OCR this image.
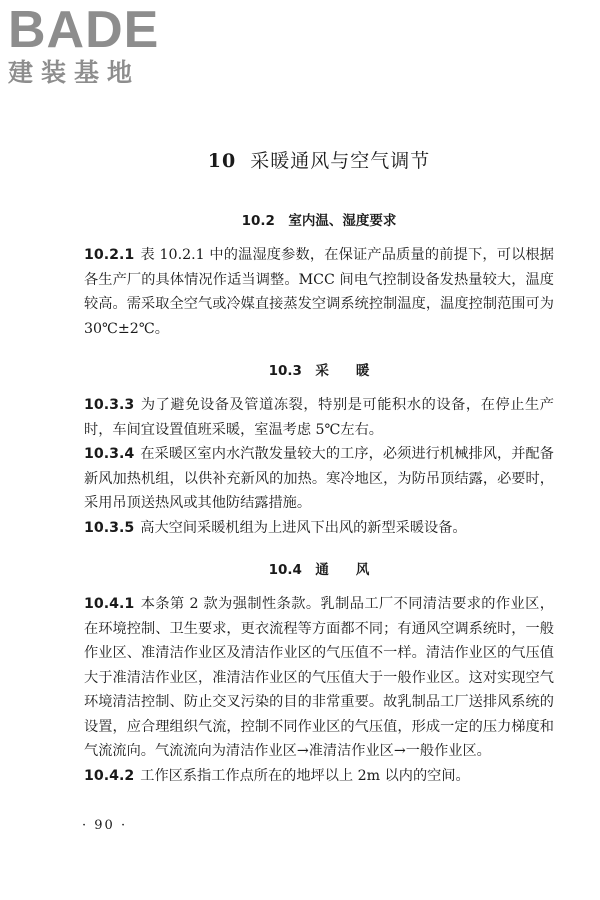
BADE
建装基地
10 采暖通风与空气调节
10.2　室内温、湿度要求

10.2.1 表 10.2.1 中的温湿度参数，在保证产品质量的前提下，可以根据各生产厂的具体情况作适当调整。MCC 间电气控制设备发热量较大，温度较高。需采取全空气或冷媒直接蒸发空调系统控制温度，温度控制范围可为 30℃±2℃。

10.3　采　　暖

10.3.3 为了避免设备及管道冻裂，特别是可能积水的设备，在停止生产时，车间宜设置值班采暖，室温考虑 5℃左右。

10.3.4 在采暖区室内水汽散发量较大的工序，必须进行机械排风，并配备新风加热机组，以供补充新风的加热。寒冷地区，为防吊顶结露，必要时，采用吊顶送热风或其他防结露措施。

10.3.5 高大空间采暖机组为上进风下出风的新型采暖设备。

10.4　通　　风

10.4.1 本条第 2 款为强制性条款。乳制品工厂不同清洁要求的作业区，在环境控制、卫生要求，更衣流程等方面都不同；有通风空调系统时，一般作业区、准清洁作业区及清洁作业区的气压值不一样。清洁作业区的气压值大于准清洁作业区，准清洁作业区的气压值大于一般作业区。这对实现空气环境清洁控制、防止交叉污染的目的非常重要。故乳制品工厂送排风系统的设置，应合理组织气流，控制不同作业区的气压值，形成一定的压力梯度和气流流向。气流流向为清洁作业区→准清洁作业区→一般作业区。

10.4.2 工作区系指工作点所在的地坪以上 2m 以内的空间。

· 90 ·
